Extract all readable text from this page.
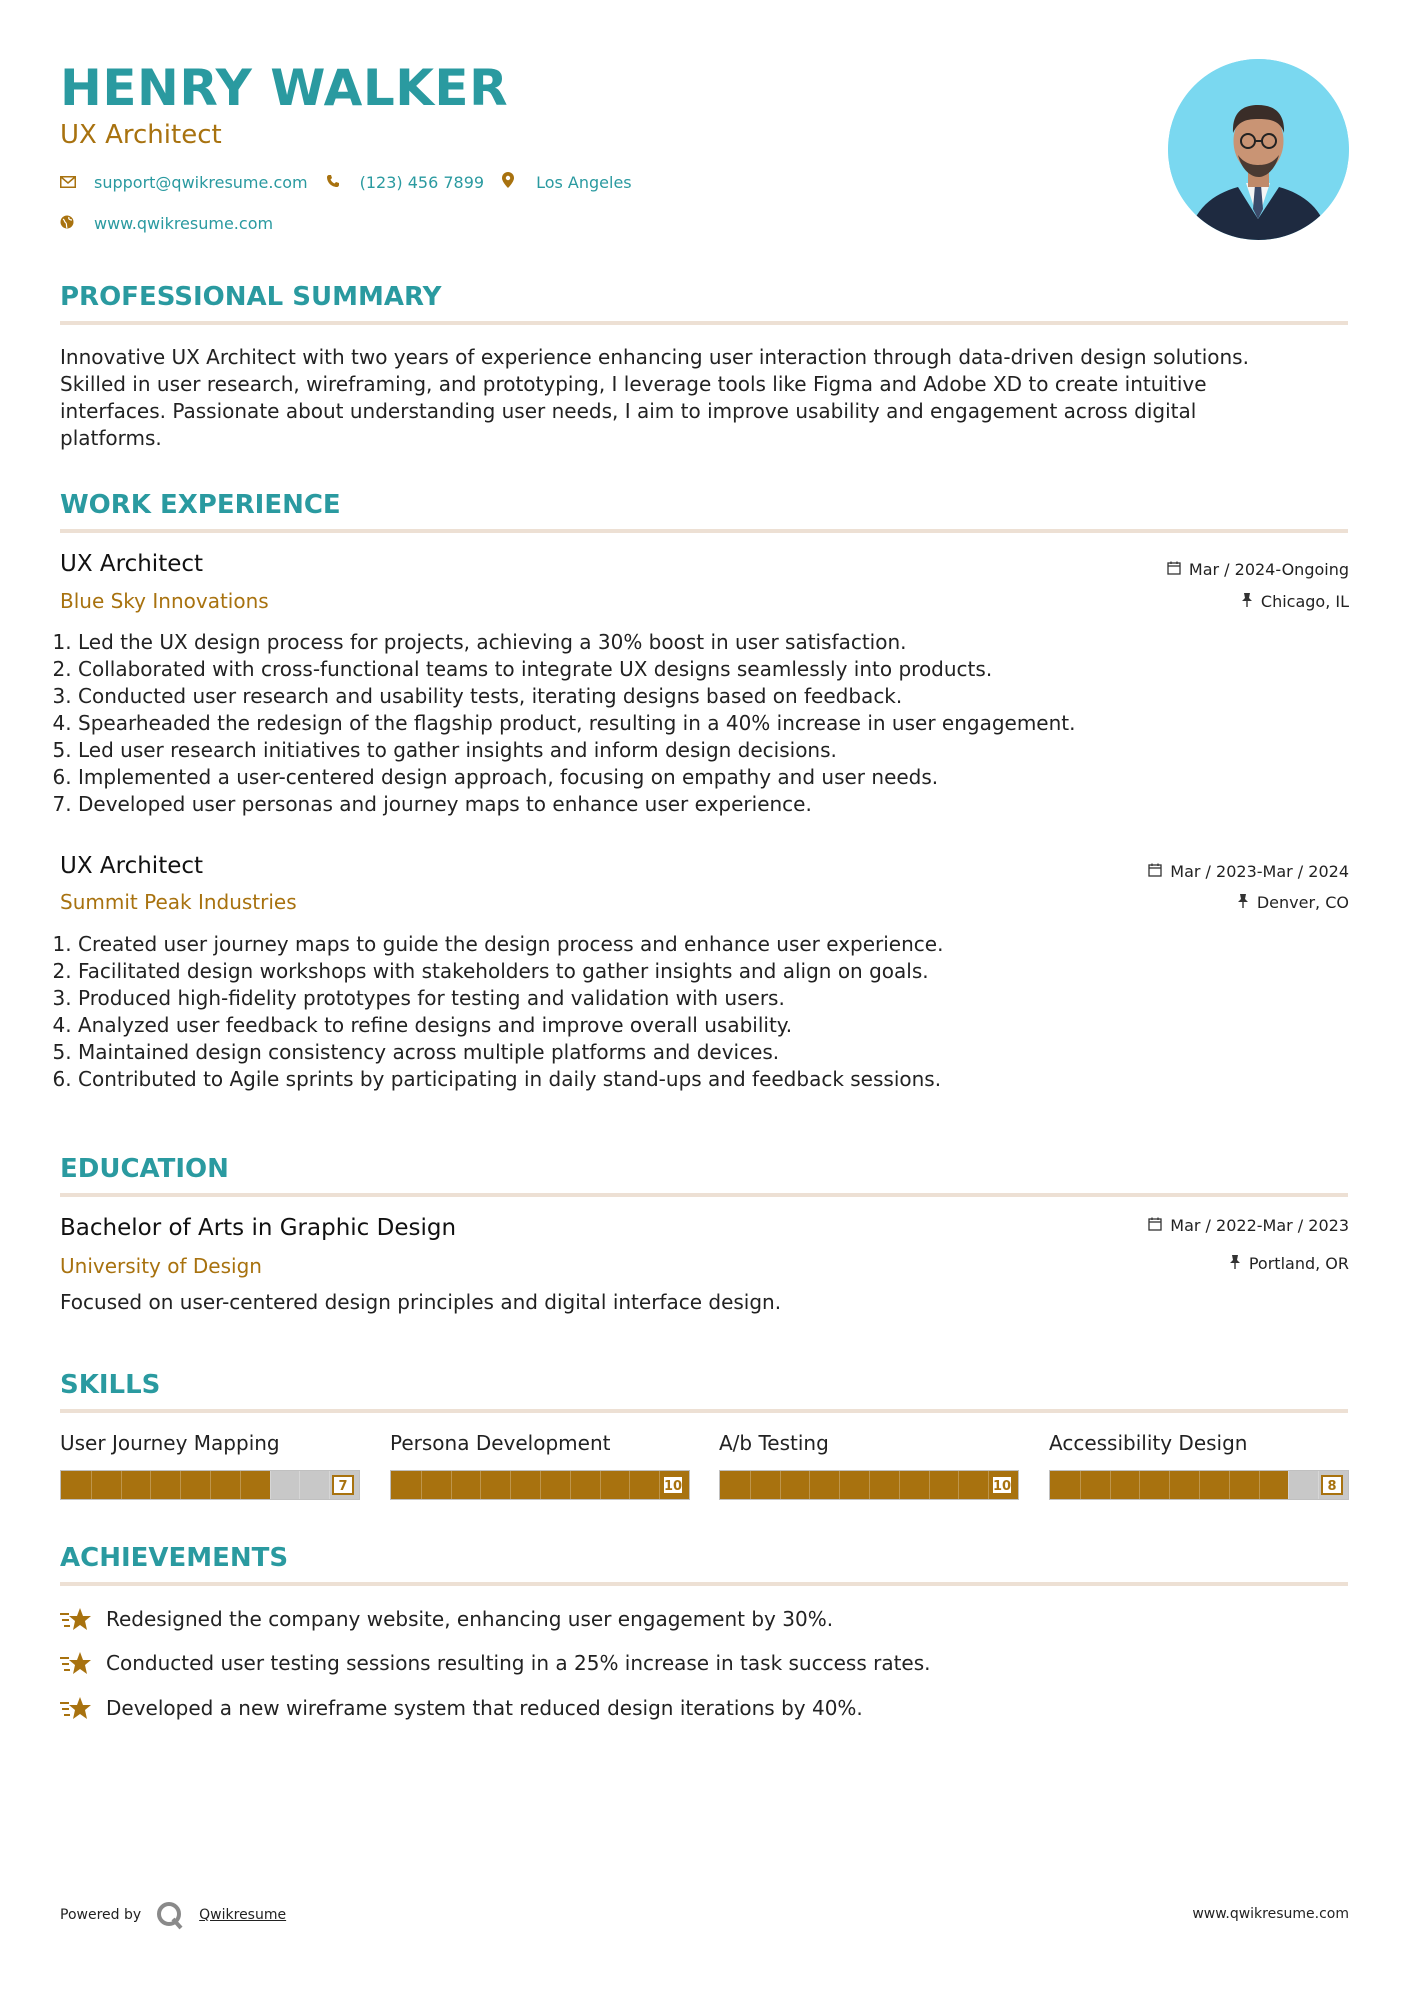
HENRY WALKER
UX Architect
support@qwikresume.com	(123) 456 7899	Los Angeles
www.qwikresume.com
PROFESSIONAL SUMMARY
Innovative UX Architect with two years of experience enhancing user interaction through data-driven design solutions.
Skilled in user research, wireframing, and prototyping, I leverage tools like Figma and Adobe XD to create intuitive
interfaces. Passionate about understanding user needs, I aim to improve usability and engagement across digital
platforms.
WORK EXPERIENCE
UX Architect
Blue Sky Innovations
Mar / 2024-Ongoing
Chicago, IL
1. Led the UX design process for projects, achieving a 30% boost in user satisfaction.
2. Collaborated with cross-functional teams to integrate UX designs seamlessly into products.
3. Conducted user research and usability tests, iterating designs based on feedback.
4. Spearheaded the redesign of the flagship product, resulting in a 40% increase in user engagement.
5. Led user research initiatives to gather insights and inform design decisions.
6. Implemented a user-centered design approach, focusing on empathy and user needs.
7. Developed user personas and journey maps to enhance user experience.
UX Architect
Summit Peak Industries
Mar / 2023-Mar / 2024
Denver, CO
1. Created user journey maps to guide the design process and enhance user experience.
2. Facilitated design workshops with stakeholders to gather insights and align on goals.
3. Produced high-fidelity prototypes for testing and validation with users.
4. Analyzed user feedback to refine designs and improve overall usability.
5. Maintained design consistency across multiple platforms and devices.
6. Contributed to Agile sprints by participating in daily stand-ups and feedback sessions.
EDUCATION
Bachelor of Arts in Graphic Design
University of Design
Mar / 2022-Mar / 2023
Portland, OR
Focused on user-centered design principles and digital interface design.
SKILLS
User Journey Mapping
7
Persona Development
10
A/b Testing
10
Accessibility Design
8
ACHIEVEMENTS
Redesigned the company website, enhancing user engagement by 30%.
Conducted user testing sessions resulting in a 25% increase in task success rates.
Developed a new wireframe system that reduced design iterations by 40%.
Powered by	Qwikresume	www.qwikresume.com
